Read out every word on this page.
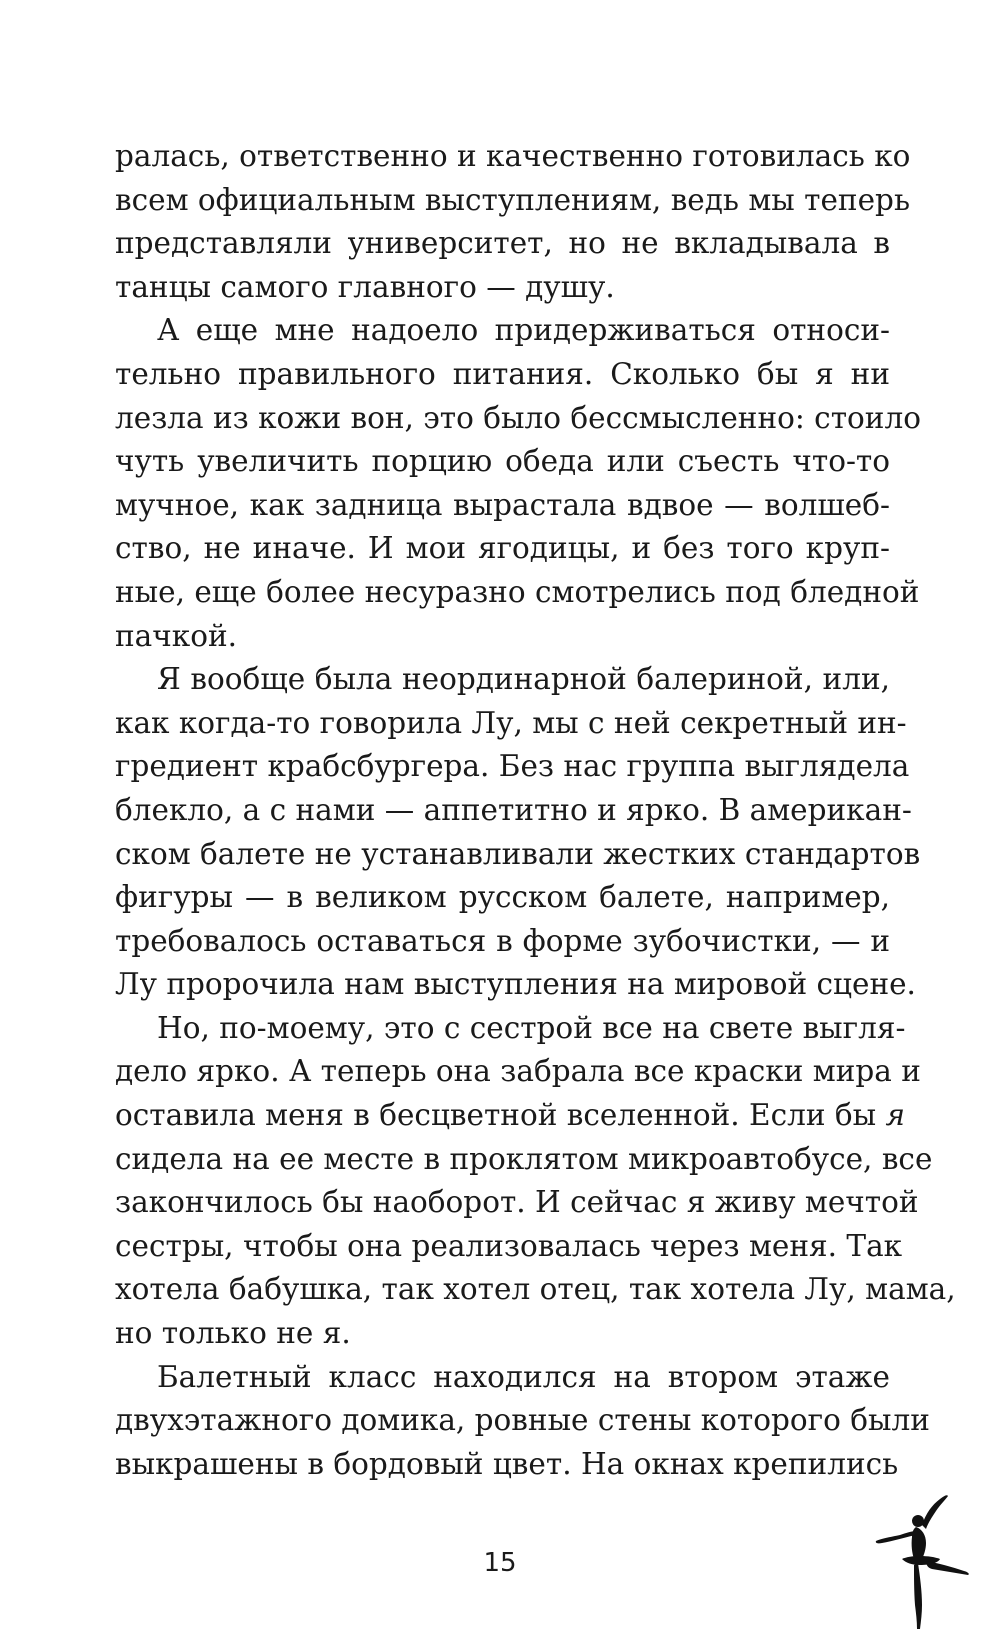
ралась, ответственно и качественно готовилась ко
всем официальным выступлениям, ведь мы теперь
представляли университет, но не вкладывала в
танцы самого главного — душу.
А еще мне надоело придерживаться относи-
тельно правильного питания. Сколько бы я ни
лезла из кожи вон, это было бессмысленно: стоило
чуть увеличить порцию обеда или съесть что-то
мучное, как задница вырастала вдвое — волшеб-
ство, не иначе. И мои ягодицы, и без того круп-
ные, еще более несуразно смотрелись под бледной
пачкой.
Я вообще была неординарной балериной, или,
как когда-то говорила Лу, мы с ней секретный ин-
гредиент крабсбургера. Без нас группа выглядела
блекло, а с нами — аппетитно и ярко. В американ-
ском балете не устанавливали жестких стандартов
фигуры — в великом русском балете, например,
требовалось оставаться в форме зубочистки, — и
Лу пророчила нам выступления на мировой сцене.
Но, по-моему, это с сестрой все на свете выгля-
дело ярко. А теперь она забрала все краски мира и
оставила меня в бесцветной вселенной. Если бы я
сидела на ее месте в проклятом микроавтобусе, все
закончилось бы наоборот. И сейчас я живу мечтой
сестры, чтобы она реализовалась через меня. Так
хотела бабушка, так хотел отец, так хотела Лу, мама,
но только не я.
Балетный класс находился на втором этаже
двухэтажного домика, ровные стены которого были
выкрашены в бордовый цвет. На окнах крепились
15
